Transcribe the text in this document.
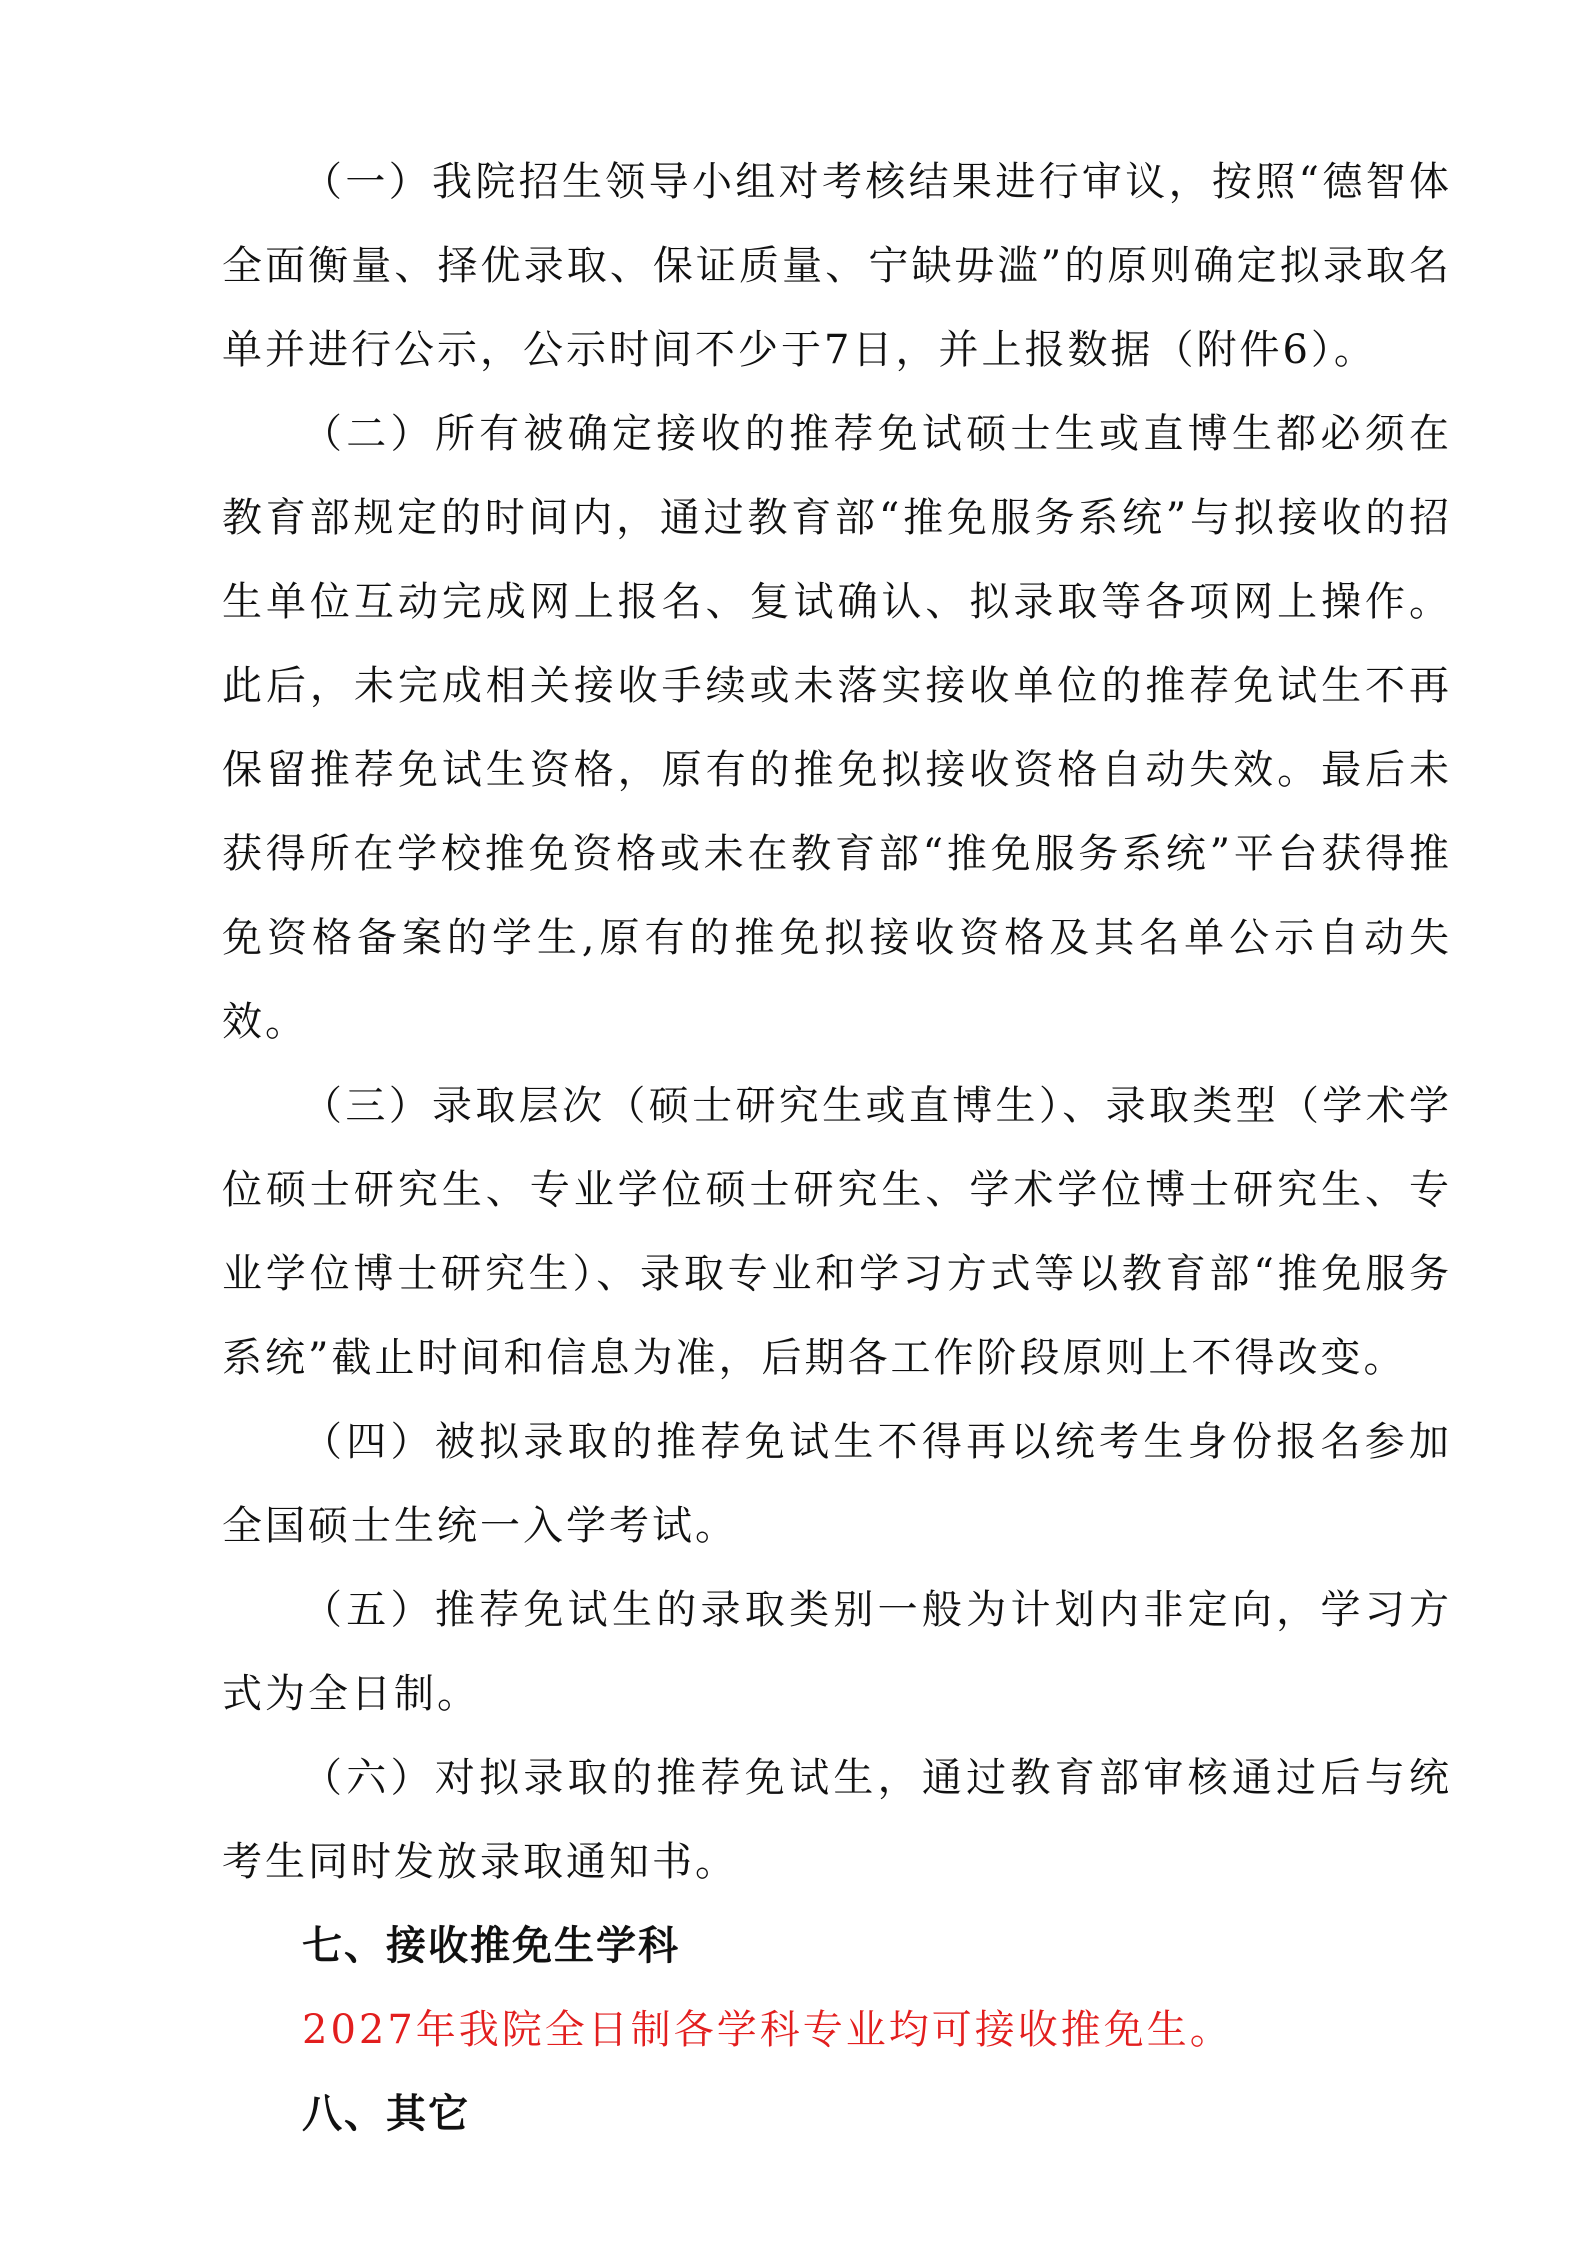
（一）我院招生领导小组对考核结果进行审议，按照“德智体全面衡量、择优录取、保证质量、宁缺毋滥”的原则确定拟录取名单并进行公示，公示时间不少于7日，并上报数据（附件6）。

（二）所有被确定接收的推荐免试硕士生或直博生都必须在教育部规定的时间内，通过教育部“推免服务系统”与拟接收的招生单位互动完成网上报名、复试确认、拟录取等各项网上操作。此后，未完成相关接收手续或未落实接收单位的推荐免试生不再保留推荐免试生资格，原有的推免拟接收资格自动失效。最后未获得所在学校推免资格或未在教育部“推免服务系统”平台获得推免资格备案的学生,原有的推免拟接收资格及其名单公示自动失效。

（三）录取层次（硕士研究生或直博生）、录取类型（学术学位硕士研究生、专业学位硕士研究生、学术学位博士研究生、专业学位博士研究生）、录取专业和学习方式等以教育部“推免服务系统”截止时间和信息为准，后期各工作阶段原则上不得改变。

（四）被拟录取的推荐免试生不得再以统考生身份报名参加全国硕士生统一入学考试。

（五）推荐免试生的录取类别一般为计划内非定向，学习方式为全日制。

（六）对拟录取的推荐免试生，通过教育部审核通过后与统考生同时发放录取通知书。

七、接收推免生学科

2027年我院全日制各学科专业均可接收推免生。

八、其它
